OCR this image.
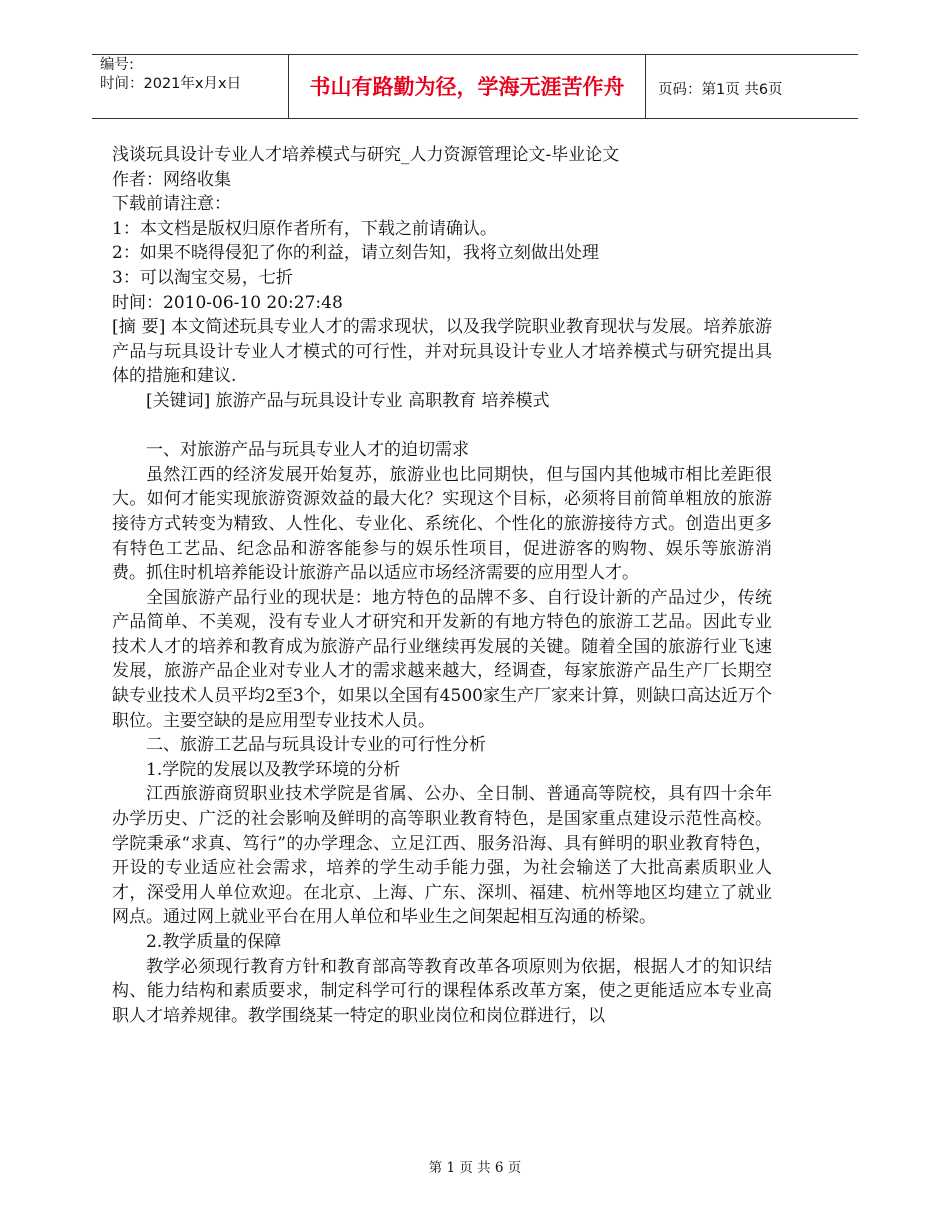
编号:
时间：2021年x月x日	书山有路勤为径，学海无涯苦作舟	页码：第1页 共6页

浅谈玩具设计专业人才培养模式与研究_人力资源管理论文-毕业论文

作者：网络收集

下载前请注意：

1：本文档是版权归原作者所有，下载之前请确认。

2：如果不晓得侵犯了你的利益，请立刻告知，我将立刻做出处理

3：可以淘宝交易，七折

时间：2010-06-10 20:27:48

[摘 要] 本文简述玩具专业人才的需求现状，以及我学院职业教育现状与发展。培养旅游产品与玩具设计专业人才模式的可行性，并对玩具设计专业人才培养模式与研究提出具体的措施和建议.

[关键词] 旅游产品与玩具设计专业 高职教育 培养模式

一、对旅游产品与玩具专业人才的迫切需求

虽然江西的经济发展开始复苏，旅游业也比同期快，但与国内其他城市相比差距很大。如何才能实现旅游资源效益的最大化？实现这个目标，必须将目前简单粗放的旅游接待方式转变为精致、人性化、专业化、系统化、个性化的旅游接待方式。创造出更多有特色工艺品、纪念品和游客能参与的娱乐性项目，促进游客的购物、娱乐等旅游消费。抓住时机培养能设计旅游产品以适应市场经济需要的应用型人才。

全国旅游产品行业的现状是：地方特色的品牌不多、自行设计新的产品过少，传统产品简单、不美观，没有专业人才研究和开发新的有地方特色的旅游工艺品。因此专业技术人才的培养和教育成为旅游产品行业继续再发展的关键。随着全国的旅游行业飞速发展，旅游产品企业对专业人才的需求越来越大，经调查，每家旅游产品生产厂长期空缺专业技术人员平均2至3个，如果以全国有4500家生产厂家来计算，则缺口高达近万个职位。主要空缺的是应用型专业技术人员。

二、旅游工艺品与玩具设计专业的可行性分析

1.学院的发展以及教学环境的分析

江西旅游商贸职业技术学院是省属、公办、全日制、普通高等院校，具有四十余年办学历史、广泛的社会影响及鲜明的高等职业教育特色，是国家重点建设示范性高校。学院秉承“求真、笃行”的办学理念、立足江西、服务沿海、具有鲜明的职业教育特色，开设的专业适应社会需求，培养的学生动手能力强，为社会输送了大批高素质职业人才，深受用人单位欢迎。在北京、上海、广东、深圳、福建、杭州等地区均建立了就业网点。通过网上就业平台在用人单位和毕业生之间架起相互沟通的桥梁。

2.教学质量的保障

教学必须现行教育方针和教育部高等教育改革各项原则为依据，根据人才的知识结构、能力结构和素质要求，制定科学可行的课程体系改革方案，使之更能适应本专业高职人才培养规律。教学围绕某一特定的职业岗位和岗位群进行，以

第 1 页 共 6 页
